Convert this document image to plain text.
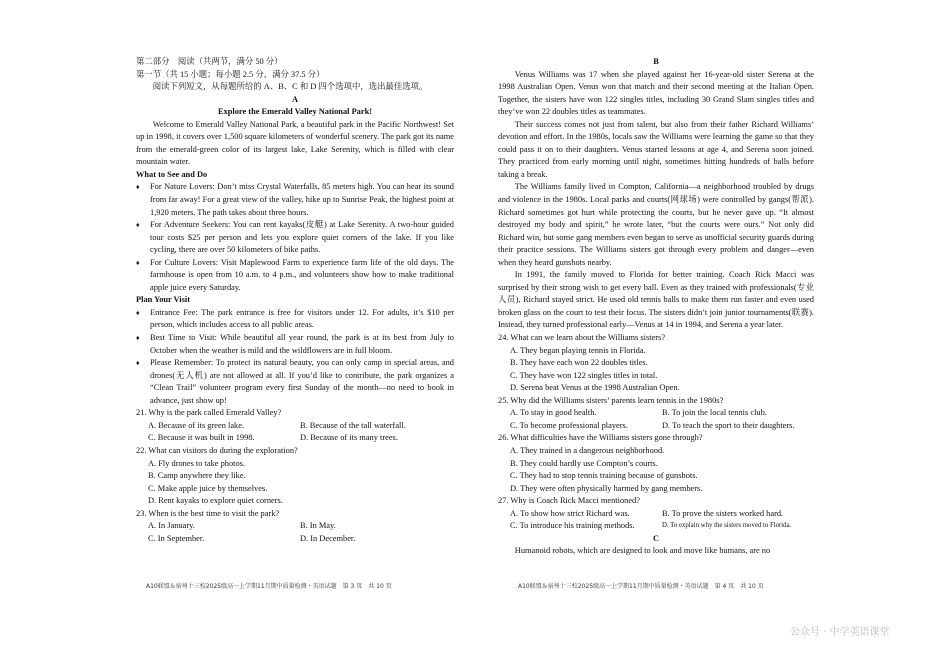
第二部分　阅读（共两节，满分 50 分）

第一节（共 15 小题；每小题 2.5 分，满分 37.5 分）

阅读下列短文，从每题所给的 A、B、C 和 D 四个选项中，选出最佳选项。

A

Explore the Emerald Valley National Park!

Welcome to Emerald Valley National Park, a beautiful park in the Pacific Northwest! Set up in 1998, it covers over 1,500 square kilometers of wonderful scenery. The park got its name from the emerald-green color of its largest lake, Lake Serenity, which is filled with clear mountain water.

What to See and Do

♦ For Nature Lovers: Don’t miss Crystal Waterfalls, 85 meters high. You can hear its sound from far away! For a great view of the valley, hike up to Sunrise Peak, the highest point at 1,920 meters. The path takes about three hours.

♦ For Adventure Seekers: You can rent kayaks(皮艇) at Lake Serenity. A two-hour guided tour costs $25 per person and lets you explore quiet corners of the lake. If you like cycling, there are over 50 kilometers of bike paths.

♦ For Culture Lovers: Visit Maplewood Farm to experience farm life of the old days. The farmhouse is open from 10 a.m. to 4 p.m., and volunteers show how to make traditional apple juice every Saturday.

Plan Your Visit

♦ Entrance Fee: The park entrance is free for visitors under 12. For adults, it’s $10 per person, which includes access to all public areas.

♦ Best Time to Visit: While beautiful all year round, the park is at its best from July to October when the weather is mild and the wildflowers are in full bloom.

♦ Please Remember: To protect its natural beauty, you can only camp in special areas, and drones(无人机) are not allowed at all. If you’d like to contribute, the park organizes a “Clean Trail” volunteer program every first Sunday of the month—no need to book in advance, just show up!

21. Why is the park called Emerald Valley?

A. Because of its green lake.	B. Because of the tall waterfall.

C. Because it was built in 1998.	D. Because of its many trees.

22. What can visitors do during the exploration?

A. Fly drones to take photos.

B. Camp anywhere they like.

C. Make apple juice by themselves.

D. Rent kayaks to explore quiet corners.

23. When is the best time to visit the park?

A. In January.	B. In May.

C. In September.	D. In December.

A10联盟＆宿州十三校2025级高一上学期11月期中质量检测・英语试题　第 3 页　共 10 页

B

Venus Williams was 17 when she played against her 16-year-old sister Serena at the 1998 Australian Open. Venus won that match and their second meeting at the Italian Open. Together, the sisters have won 122 singles titles, including 30 Grand Slam singles titles and they’ve won 22 doubles titles as teammates.

Their success comes not just from talent, but also from their father Richard Williams’ devotion and effort. In the 1980s, locals saw the Williams were learning the game so that they could pass it on to their daughters. Venus started lessons at age 4, and Serena soon joined. They practiced from early morning until night, sometimes hitting hundreds of balls before taking a break.

The Williams family lived in Compton, California—a neighborhood troubled by drugs and violence in the 1980s. Local parks and courts(网球场) were controlled by gangs(帮派). Richard sometimes got hurt while protecting the courts, but he never gave up. “It almost destroyed my body and spirit,” he wrote later, “but the courts were ours.” Not only did Richard win, but some gang members even began to serve as unofficial security guards during their practice sessions. The Williams sisters got through every problem and danger—even when they heard gunshots nearby.

In 1991, the family moved to Florida for better training. Coach Rick Macci was surprised by their strong wish to get every ball. Even as they trained with professionals(专业人员), Richard stayed strict. He used old tennis balls to make them run faster and even used broken glass on the court to test their focus. The sisters didn’t join junior tournaments(联赛). Instead, they turned professional early—Venus at 14 in 1994, and Serena a year later.

24. What can we learn about the Williams sisters?

A. They began playing tennis in Florida.

B. They have each won 22 doubles titles.

C. They have won 122 singles titles in total.

D. Serena beat Venus at the 1998 Australian Open.

25. Why did the Williams sisters’ parents learn tennis in the 1980s?

A. To stay in good health.	B. To join the local tennis club.

C. To become professional players.	D. To teach the sport to their daughters.

26. What difficulties have the Williams sisters gone through?

A. They trained in a dangerous neighborhood.

B. They could hardly use Compton’s courts.

C. They had to stop tennis training because of gunshots.

D. They were often physically harmed by gang members.

27. Why is Coach Rick Macci mentioned?

A. To show how strict Richard was.	B. To prove the sisters worked hard.

C. To introduce his training methods.	D. To explain why the sisters moved to Florida.

C

Humanoid robots, which are designed to look and move like humans, are no

A10联盟＆宿州十三校2025级高一上学期11月期中质量检测・英语试题　第 4 页　共 10 页
公众号 · 中学英语课堂
